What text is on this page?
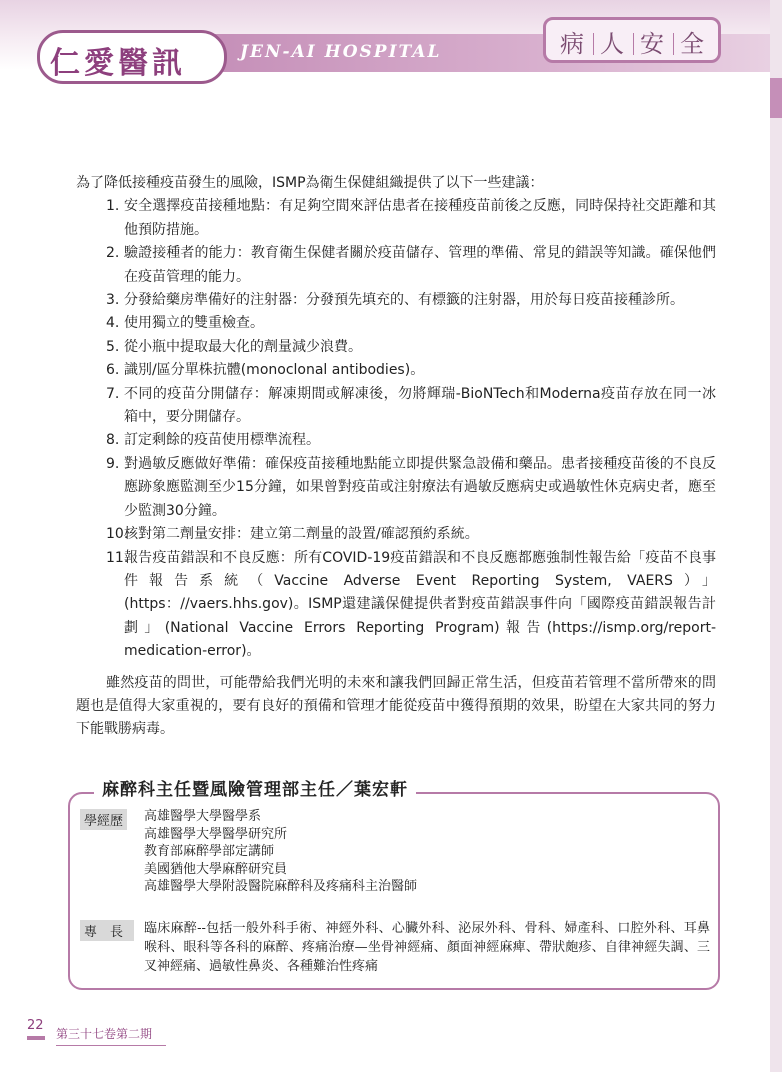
JEN-AI HOSPITAL
仁愛醫訊
病 人 安 全

為了降低接種疫苗發生的風險，ISMP為衛生保健組織提供了以下一些建議：

1. 安全選擇疫苗接種地點：有足夠空間來評估患者在接種疫苗前後之反應，同時保持社交距離和其他預防措施。
2. 驗證接種者的能力：教育衛生保健者關於疫苗儲存、管理的準備、常見的錯誤等知識。確保他們在疫苗管理的能力。
3. 分發給藥房準備好的注射器：分發預先填充的、有標籤的注射器，用於每日疫苗接種診所。
4. 使用獨立的雙重檢查。
5. 從小瓶中提取最大化的劑量減少浪費。
6. 識別/區分單株抗體(monoclonal antibodies)。
7. 不同的疫苗分開儲存：解凍期間或解凍後，勿將輝瑞-BioNTech和Moderna疫苗存放在同一冰箱中，要分開儲存。
8. 訂定剩餘的疫苗使用標準流程。
9. 對過敏反應做好準備：確保疫苗接種地點能立即提供緊急設備和藥品。患者接種疫苗後的不良反應跡象應監測至少15分鐘，如果曾對疫苗或注射療法有過敏反應病史或過敏性休克病史者，應至少監測30分鐘。
10.
核對第二劑量安排：建立第二劑量的設置/確認預約系統。
11.
報告疫苗錯誤和不良反應：所有COVID-19疫苗錯誤和不良反應都應強制性報告給「疫苗不良事件報告系統（Vaccine Adverse Event Reporting System, VAERS）」(https：//vaers.hhs.gov)。ISMP還建議保健提供者對疫苗錯誤事件向「國際疫苗錯誤報告計劃」(National Vaccine Errors Reporting Program)報告(https://ismp.org/report-medication-error)。

雖然疫苗的問世，可能帶給我們光明的未來和讓我們回歸正常生活，但疫苗若管理不當所帶來的問題也是值得大家重視的，要有良好的預備和管理才能從疫苗中獲得預期的效果，盼望在大家共同的努力下能戰勝病毒。

麻醉科主任暨風險管理部主任／葉宏軒
學經歷	高雄醫學大學醫學系
高雄醫學大學醫學研究所
教育部麻醉學部定講師
美國猶他大學麻醉研究員
高雄醫學大學附設醫院麻醉科及疼痛科主治醫師
專　長	臨床麻醉--包括一般外科手術、神經外科、心臟外科、泌尿外科、骨科、婦產科、口腔外科、耳鼻喉科、眼科等各科的麻醉、疼痛治療—坐骨神經痛、顏面神經麻痺、帶狀皰疹、自律神經失調、三叉神經痛、過敏性鼻炎、各種難治性疼痛
22
第三十七卷第二期
